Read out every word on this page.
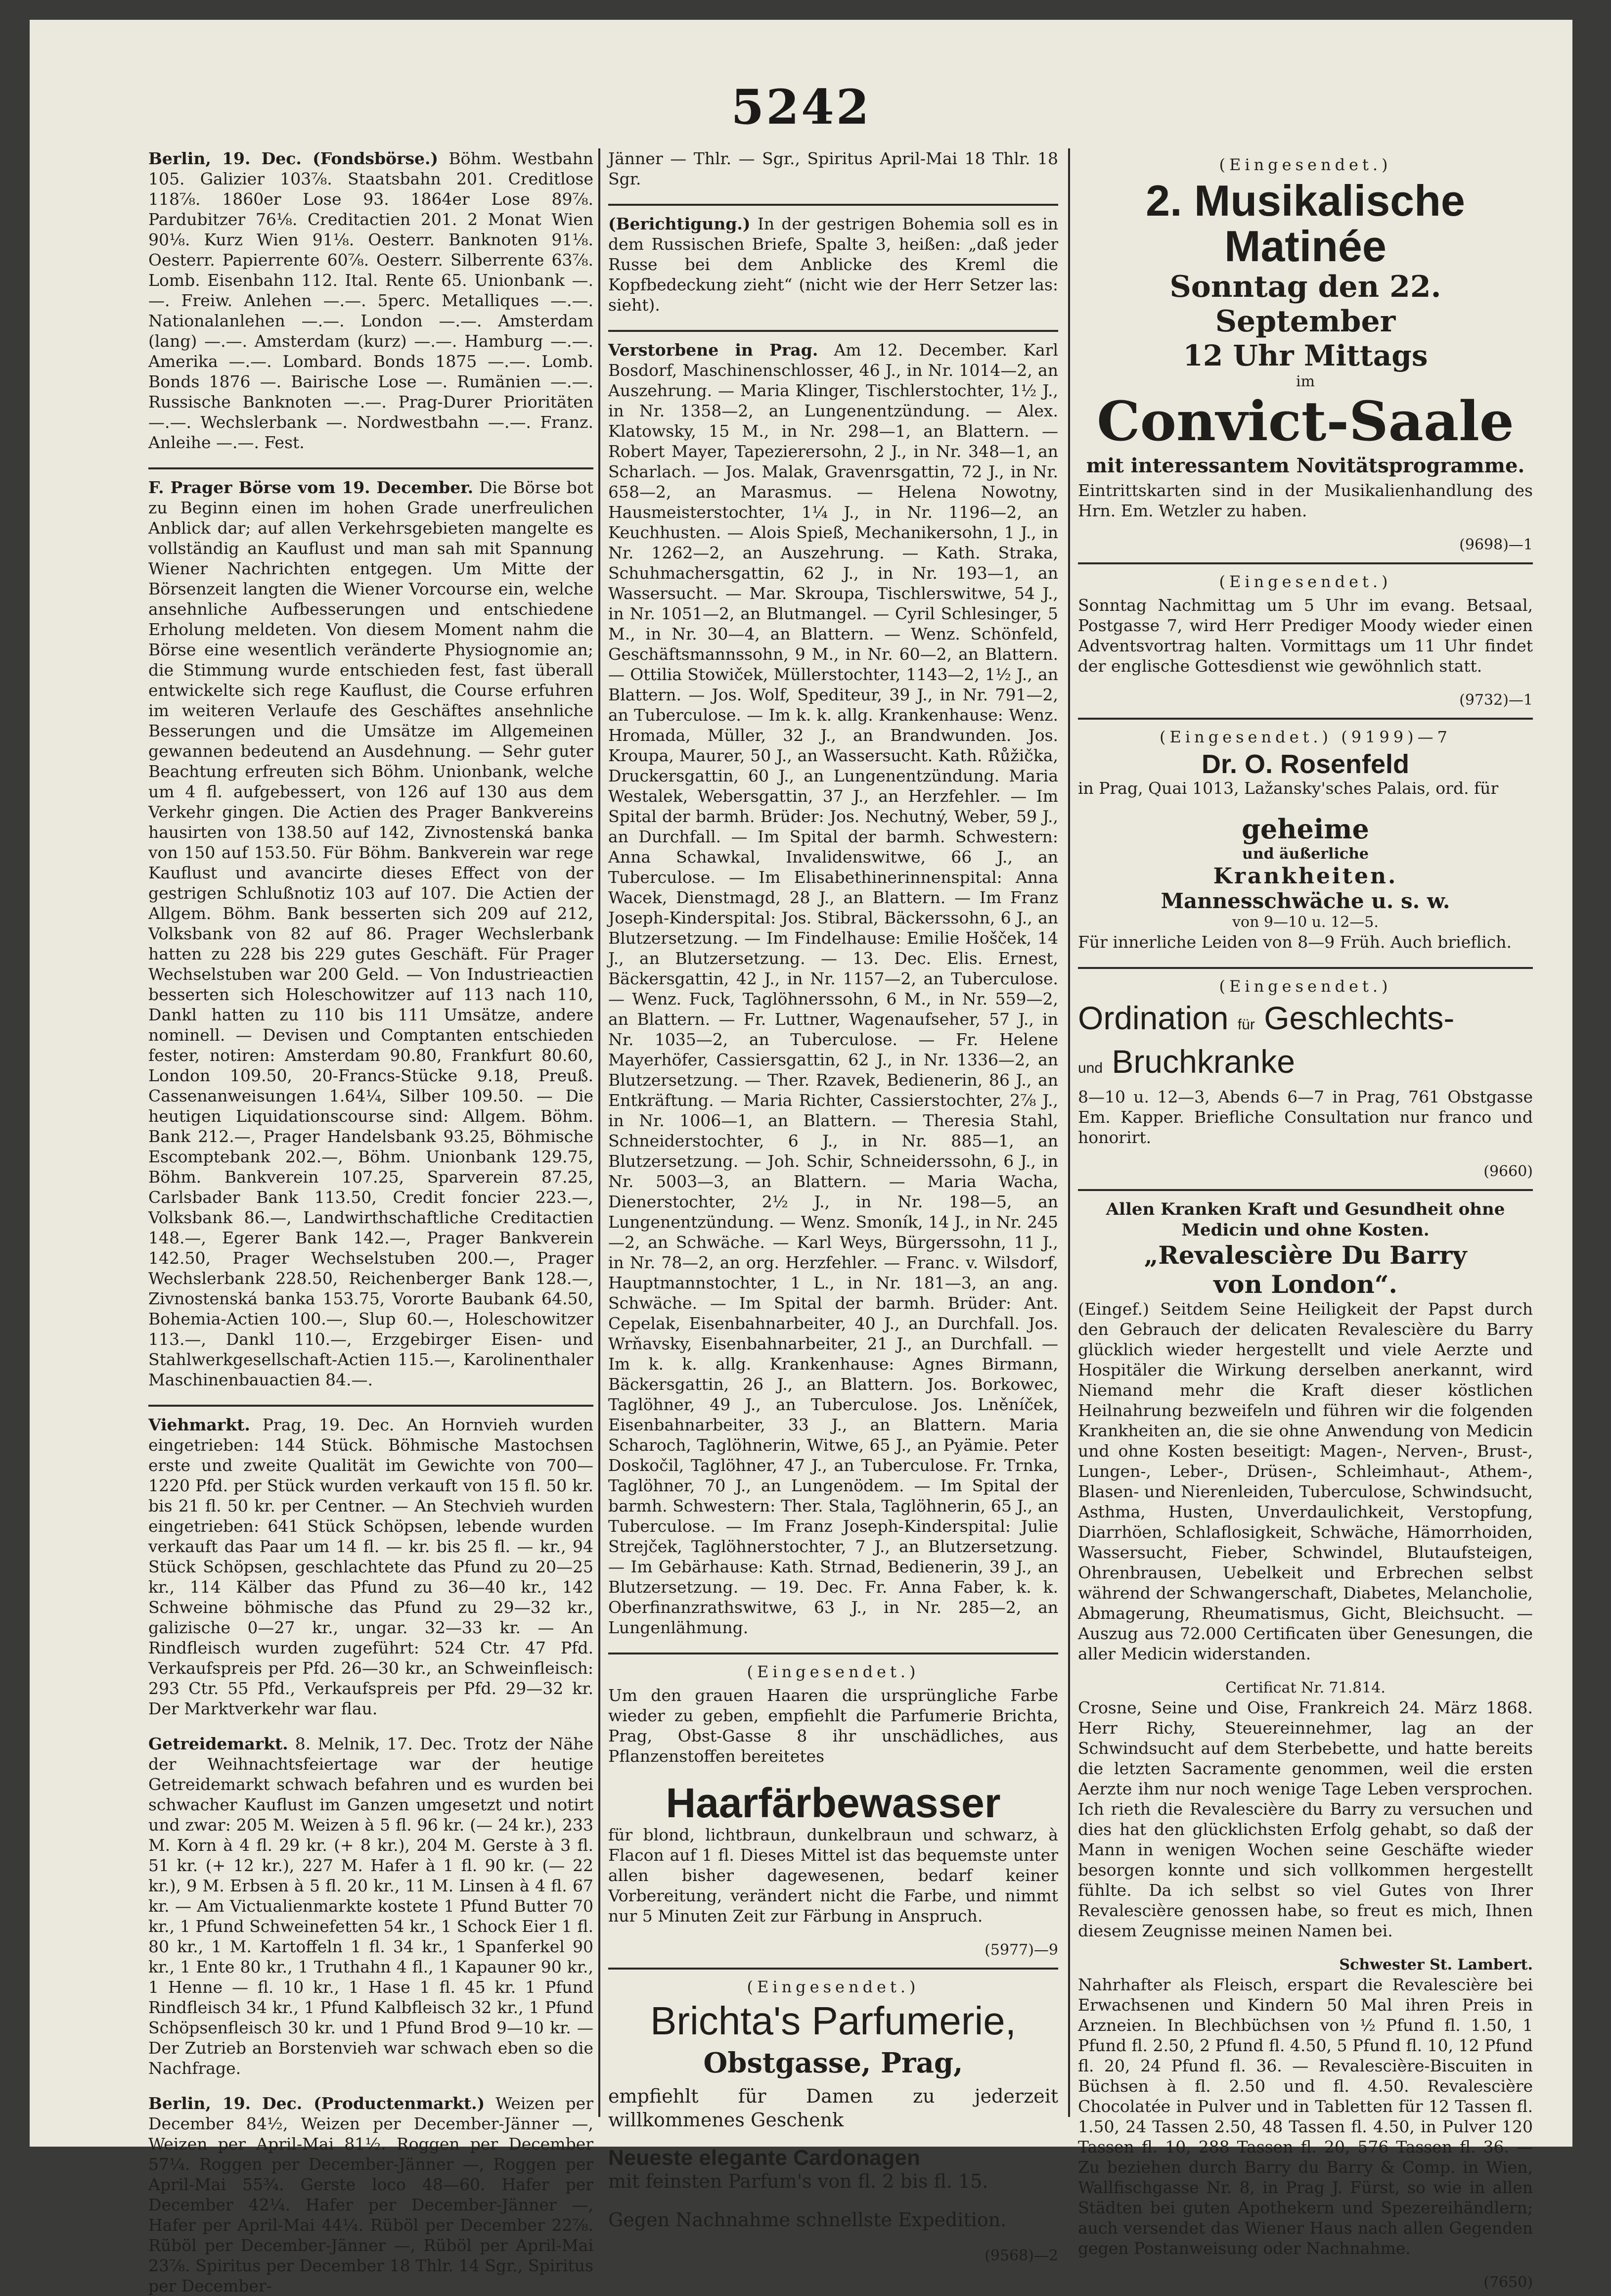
5242

Berlin, 19. Dec. (Fondsbörse.) Böhm. Westbahn 105. Galizier 103⅞. Staatsbahn 201. Creditlose 118⅞. 1860er Lose 93. 1864er Lose 89⅞. Pardubitzer 76⅛. Creditactien 201. 2 Monat Wien 90⅛. Kurz Wien 91⅛. Oesterr. Banknoten 91⅛. Oesterr. Papierrente 60⅞. Oesterr. Silberrente 63⅞. Lomb. Eisenbahn 112. Ital. Rente 65. Unionbank —.—. Freiw. Anlehen —.—. 5perc. Metalliques —.—. Nationalanlehen —.—. London —.—. Amsterdam (lang) —.—. Amsterdam (kurz) —.—. Hamburg —.—. Amerika —.—. Lombard. Bonds 1875 —.—. Lomb. Bonds 1876 —. Bairische Lose —. Rumänien —.—. Russische Banknoten —.—. Prag-Durer Prioritäten —.—. Wechslerbank —. Nordwestbahn —.—. Franz. Anleihe —.—. Fest.

F. Prager Börse vom 19. December. Die Börse bot zu Beginn einen im hohen Grade unerfreulichen Anblick dar; auf allen Verkehrsgebieten mangelte es vollständig an Kauflust und man sah mit Spannung Wiener Nachrichten entgegen. Um Mitte der Börsenzeit langten die Wiener Vorcourse ein, welche ansehnliche Aufbesserungen und entschiedene Erholung meldeten. Von diesem Moment nahm die Börse eine wesentlich veränderte Physiognomie an; die Stimmung wurde entschieden fest, fast überall entwickelte sich rege Kauflust, die Course erfuhren im weiteren Verlaufe des Geschäftes ansehnliche Besserungen und die Umsätze im Allgemeinen gewannen bedeutend an Ausdehnung. — Sehr guter Beachtung erfreuten sich Böhm. Unionbank, welche um 4 fl. aufgebessert, von 126 auf 130 aus dem Verkehr gingen. Die Actien des Prager Bankvereins hausirten von 138.50 auf 142, Zivnostenská banka von 150 auf 153.50. Für Böhm. Bankverein war rege Kauflust und avancirte dieses Effect von der gestrigen Schlußnotiz 103 auf 107. Die Actien der Allgem. Böhm. Bank besserten sich 209 auf 212, Volksbank von 82 auf 86. Prager Wechslerbank hatten zu 228 bis 229 gutes Geschäft. Für Prager Wechselstuben war 200 Geld. — Von Industrieactien besserten sich Holeschowitzer auf 113 nach 110, Dankl hatten zu 110 bis 111 Umsätze, andere nominell. — Devisen und Comptanten entschieden fester, notiren: Amsterdam 90.80, Frankfurt 80.60, London 109.50, 20-Francs-Stücke 9.18, Preuß. Cassenanweisungen 1.64¼, Silber 109.50. — Die heutigen Liquidationscourse sind: Allgem. Böhm. Bank 212.—, Prager Handelsbank 93.25, Böhmische Escomptebank 202.—, Böhm. Unionbank 129.75, Böhm. Bankverein 107.25, Sparverein 87.25, Carlsbader Bank 113.50, Credit foncier 223.—, Volksbank 86.—, Landwirthschaftliche Creditactien 148.—, Egerer Bank 142.—, Prager Bankverein 142.50, Prager Wechselstuben 200.—, Prager Wechslerbank 228.50, Reichenberger Bank 128.—, Zivnostenská banka 153.75, Vororte Baubank 64.50, Bohemia-Actien 100.—, Slup 60.—, Holeschowitzer 113.—, Dankl 110.—, Erzgebirger Eisen- und Stahlwerkgesellschaft-Actien 115.—, Karolinenthaler Maschinenbauactien 84.—.

Viehmarkt. Prag, 19. Dec. An Hornvieh wurden eingetrieben: 144 Stück. Böhmische Mastochsen erste und zweite Qualität im Gewichte von 700—1220 Pfd. per Stück wurden verkauft von 15 fl. 50 kr. bis 21 fl. 50 kr. per Centner. — An Stechvieh wurden eingetrieben: 641 Stück Schöpsen, lebende wurden verkauft das Paar um 14 fl. — kr. bis 25 fl. — kr., 94 Stück Schöpsen, geschlachtete das Pfund zu 20—25 kr., 114 Kälber das Pfund zu 36—40 kr., 142 Schweine böhmische das Pfund zu 29—32 kr., galizische 0—27 kr., ungar. 32—33 kr. — An Rindfleisch wurden zugeführt: 524 Ctr. 47 Pfd. Verkaufspreis per Pfd. 26—30 kr., an Schweinfleisch: 293 Ctr. 55 Pfd., Verkaufspreis per Pfd. 29—32 kr. Der Marktverkehr war flau.

Getreidemarkt. 8. Melnik, 17. Dec. Trotz der Nähe der Weihnachtsfeiertage war der heutige Getreidemarkt schwach befahren und es wurden bei schwacher Kauflust im Ganzen umgesetzt und notirt und zwar: 205 M. Weizen à 5 fl. 96 kr. (— 24 kr.), 233 M. Korn à 4 fl. 29 kr. (+ 8 kr.), 204 M. Gerste à 3 fl. 51 kr. (+ 12 kr.), 227 M. Hafer à 1 fl. 90 kr. (— 22 kr.), 9 M. Erbsen à 5 fl. 20 kr., 11 M. Linsen à 4 fl. 67 kr. — Am Victualienmarkte kostete 1 Pfund Butter 70 kr., 1 Pfund Schweinefetten 54 kr., 1 Schock Eier 1 fl. 80 kr., 1 M. Kartoffeln 1 fl. 34 kr., 1 Spanferkel 90 kr., 1 Ente 80 kr., 1 Truthahn 4 fl., 1 Kapauner 90 kr., 1 Henne — fl. 10 kr., 1 Hase 1 fl. 45 kr. 1 Pfund Rindfleisch 34 kr., 1 Pfund Kalbfleisch 32 kr., 1 Pfund Schöpsenfleisch 30 kr. und 1 Pfund Brod 9—10 kr. — Der Zutrieb an Borstenvieh war schwach eben so die Nachfrage.

Berlin, 19. Dec. (Productenmarkt.) Weizen per December 84½, Weizen per December-Jänner —, Weizen per April-Mai 81½. Roggen per December 57¼. Roggen per December-Jänner —, Roggen per April-Mai 55¾. Gerste loco 48—60. Hafer per December 42¼. Hafer per December-Jänner —, Hafer per April-Mai 44¼. Rüböl per December 22⅞. Rüböl per December-Jänner —, Rüböl per April-Mai 23⅞. Spiritus per December 18 Thlr. 14 Sgr., Spiritus per December-

Jänner — Thlr. — Sgr., Spiritus April-Mai 18 Thlr. 18 Sgr.

(Berichtigung.) In der gestrigen Bohemia soll es in dem Russischen Briefe, Spalte 3, heißen: „daß jeder Russe bei dem Anblicke des Kreml die Kopfbedeckung zieht“ (nicht wie der Herr Setzer las: sieht).

Verstorbene in Prag. Am 12. December. Karl Bosdorf, Maschinenschlosser, 46 J., in Nr. 1014—2, an Auszehrung. — Maria Klinger, Tischlerstochter, 1½ J., in Nr. 1358—2, an Lungenentzündung. — Alex. Klatowsky, 15 M., in Nr. 298—1, an Blattern. — Robert Mayer, Tapezierersohn, 2 J., in Nr. 348—1, an Scharlach. — Jos. Malak, Gravenrsgattin, 72 J., in Nr. 658—2, an Marasmus. — Helena Nowotny, Hausmeisterstochter, 1¼ J., in Nr. 1196—2, an Keuchhusten. — Alois Spieß, Mechanikersohn, 1 J., in Nr. 1262—2, an Auszehrung. — Kath. Straka, Schuhmachersgattin, 62 J., in Nr. 193—1, an Wassersucht. — Mar. Skroupa, Tischlerswitwe, 54 J., in Nr. 1051—2, an Blutmangel. — Cyril Schlesinger, 5 M., in Nr. 30—4, an Blattern. — Wenz. Schönfeld, Geschäftsmannssohn, 9 M., in Nr. 60—2, an Blattern. — Ottilia Stowiček, Müllerstochter, 1143—2, 1½ J., an Blattern. — Jos. Wolf, Spediteur, 39 J., in Nr. 791—2, an Tuberculose. — Im k. k. allg. Krankenhause: Wenz. Hromada, Müller, 32 J., an Brandwunden. Jos. Kroupa, Maurer, 50 J., an Wassersucht. Kath. Růžička, Druckersgattin, 60 J., an Lungenentzündung. Maria Westalek, Webersgattin, 37 J., an Herzfehler. — Im Spital der barmh. Brüder: Jos. Nechutný, Weber, 59 J., an Durchfall. — Im Spital der barmh. Schwestern: Anna Schawkal, Invalidenswitwe, 66 J., an Tuberculose. — Im Elisabethinerinnenspital: Anna Wacek, Dienstmagd, 28 J., an Blattern. — Im Franz Joseph-Kinderspital: Jos. Stibral, Bäckerssohn, 6 J., an Blutzersetzung. — Im Findelhause: Emilie Hošček, 14 J., an Blutzersetzung. — 13. Dec. Elis. Ernest, Bäckersgattin, 42 J., in Nr. 1157—2, an Tuberculose. — Wenz. Fuck, Taglöhnerssohn, 6 M., in Nr. 559—2, an Blattern. — Fr. Luttner, Wagenaufseher, 57 J., in Nr. 1035—2, an Tuberculose. — Fr. Helene Mayerhöfer, Cassiersgattin, 62 J., in Nr. 1336—2, an Blutzersetzung. — Ther. Rzavek, Bedienerin, 86 J., an Entkräftung. — Maria Richter, Cassierstochter, 2⅞ J., in Nr. 1006—1, an Blattern. — Theresia Stahl, Schneiderstochter, 6 J., in Nr. 885—1, an Blutzersetzung. — Joh. Schir, Schneiderssohn, 6 J., in Nr. 5003—3, an Blattern. — Maria Wacha, Dienerstochter, 2½ J., in Nr. 198—5, an Lungenentzündung. — Wenz. Smoník, 14 J., in Nr. 245—2, an Schwäche. — Karl Weys, Bürgerssohn, 11 J., in Nr. 78—2, an org. Herzfehler. — Franc. v. Wilsdorf, Hauptmannstochter, 1 L., in Nr. 181—3, an ang. Schwäche. — Im Spital der barmh. Brüder: Ant. Cepelak, Eisenbahnarbeiter, 40 J., an Durchfall. Jos. Wrňavsky, Eisenbahnarbeiter, 21 J., an Durchfall. — Im k. k. allg. Krankenhause: Agnes Birmann, Bäckersgattin, 26 J., an Blattern. Jos. Borkowec, Taglöhner, 49 J., an Tuberculose. Jos. Lněníček, Eisenbahnarbeiter, 33 J., an Blattern. Maria Scharoch, Taglöhnerin, Witwe, 65 J., an Pyämie. Peter Doskočil, Taglöhner, 47 J., an Tuberculose. Fr. Trnka, Taglöhner, 70 J., an Lungenödem. — Im Spital der barmh. Schwestern: Ther. Stala, Taglöhnerin, 65 J., an Tuberculose. — Im Franz Joseph-Kinderspital: Julie Strejček, Taglöhnerstochter, 7 J., an Blutzersetzung. — Im Gebärhause: Kath. Strnad, Bedienerin, 39 J., an Blutzersetzung. — 19. Dec. Fr. Anna Faber, k. k. Oberfinanzrathswitwe, 63 J., in Nr. 285—2, an Lungenlähmung.

(Eingesendet.)

Um den grauen Haaren die ursprüngliche Farbe wieder zu geben, empfiehlt die Parfumerie Brichta, Prag, Obst-Gasse 8 ihr unschädliches, aus Pflanzenstoffen bereitetes

Haarfärbewasser

für blond, lichtbraun, dunkelbraun und schwarz, à Flacon auf 1 fl. Dieses Mittel ist das bequemste unter allen bisher dagewesenen, bedarf keiner Vorbereitung, verändert nicht die Farbe, und nimmt nur 5 Minuten Zeit zur Färbung in Anspruch.

(5977)—9
(Eingesendet.)
Brichta's Parfumerie,
Obstgasse, Prag,

empfiehlt für Damen zu jederzeit willkommenes Geschenk

Neueste elegante Cardonagen

mit feinsten Parfum's von fl. 2 bis fl. 15.

Gegen Nachnahme schnellste Expedition.

(9568)—2
(Eingesendet.)
2. Musikalische Matinée
Sonntag den 22. September
12 Uhr Mittags
im
Convict-Saale
mit interessantem Novitätsprogramme.

Eintrittskarten sind in der Musikalienhandlung des Hrn. Em. Wetzler zu haben.

(9698)—1
(Eingesendet.)

Sonntag Nachmittag um 5 Uhr im evang. Betsaal, Postgasse 7, wird Herr Prediger Moody wieder einen Adventsvortrag halten. Vormittags um 11 Uhr findet der englische Gottesdienst wie gewöhnlich statt.

(9732)—1
(Eingesendet.) (9199)—7
Dr. O. Rosenfeld

in Prag, Quai 1013, Lažansky'sches Palais, ord. für

geheime
und äußerliche
Krankheiten.
Mannesschwäche u. s. w.
von 9—10 u. 12—5.

Für innerliche Leiden von 8—9 Früh. Auch brieflich.

(Eingesendet.)
Ordination für Geschlechts-
und Bruchkranke

8—10 u. 12—3, Abends 6—7 in Prag, 761 Obstgasse Em. Kapper. Briefliche Consultation nur franco und honorirt.

(9660)
Allen Kranken Kraft und Gesundheit ohne Medicin und ohne Kosten.
„Revalescière Du Barry
von London“.

(Eingef.) Seitdem Seine Heiligkeit der Papst durch den Gebrauch der delicaten Revalescière du Barry glücklich wieder hergestellt und viele Aerzte und Hospitäler die Wirkung derselben anerkannt, wird Niemand mehr die Kraft dieser köstlichen Heilnahrung bezweifeln und führen wir die folgenden Krankheiten an, die sie ohne Anwendung von Medicin und ohne Kosten beseitigt: Magen-, Nerven-, Brust-, Lungen-, Leber-, Drüsen-, Schleimhaut-, Athem-, Blasen- und Nierenleiden, Tuberculose, Schwindsucht, Asthma, Husten, Unverdaulichkeit, Verstopfung, Diarrhöen, Schlaflosigkeit, Schwäche, Hämorrhoiden, Wassersucht, Fieber, Schwindel, Blutaufsteigen, Ohrenbrausen, Uebelkeit und Erbrechen selbst während der Schwangerschaft, Diabetes, Melancholie, Abmagerung, Rheumatismus, Gicht, Bleichsucht. — Auszug aus 72.000 Certificaten über Genesungen, die aller Medicin widerstanden.

Certificat Nr. 71.814.

Crosne, Seine und Oise, Frankreich 24. März 1868. Herr Richy, Steuereinnehmer, lag an der Schwindsucht auf dem Sterbebette, und hatte bereits die letzten Sacramente genommen, weil die ersten Aerzte ihm nur noch wenige Tage Leben versprochen. Ich rieth die Revalescière du Barry zu versuchen und dies hat den glücklichsten Erfolg gehabt, so daß der Mann in wenigen Wochen seine Geschäfte wieder besorgen konnte und sich vollkommen hergestellt fühlte. Da ich selbst so viel Gutes von Ihrer Revalescière genossen habe, so freut es mich, Ihnen diesem Zeugnisse meinen Namen bei.

Schwester St. Lambert.

Nahrhafter als Fleisch, erspart die Revalescière bei Erwachsenen und Kindern 50 Mal ihren Preis in Arzneien. In Blechbüchsen von ½ Pfund fl. 1.50, 1 Pfund fl. 2.50, 2 Pfund fl. 4.50, 5 Pfund fl. 10, 12 Pfund fl. 20, 24 Pfund fl. 36. — Revalescière-Biscuiten in Büchsen à fl. 2.50 und fl. 4.50. Revalescière Chocolatée in Pulver und in Tabletten für 12 Tassen fl. 1.50, 24 Tassen 2.50, 48 Tassen fl. 4.50, in Pulver 120 Tassen fl. 10, 288 Tassen fl. 20, 576 Tassen fl. 36. — Zu beziehen durch Barry du Barry & Comp. in Wien, Wallfischgasse Nr. 8, in Prag J. Fürst, so wie in allen Städten bei guten Apothekern und Spezereihändlern; auch versendet das Wiener Haus nach allen Gegenden gegen Postanweisung oder Nachnahme.

(7650)
